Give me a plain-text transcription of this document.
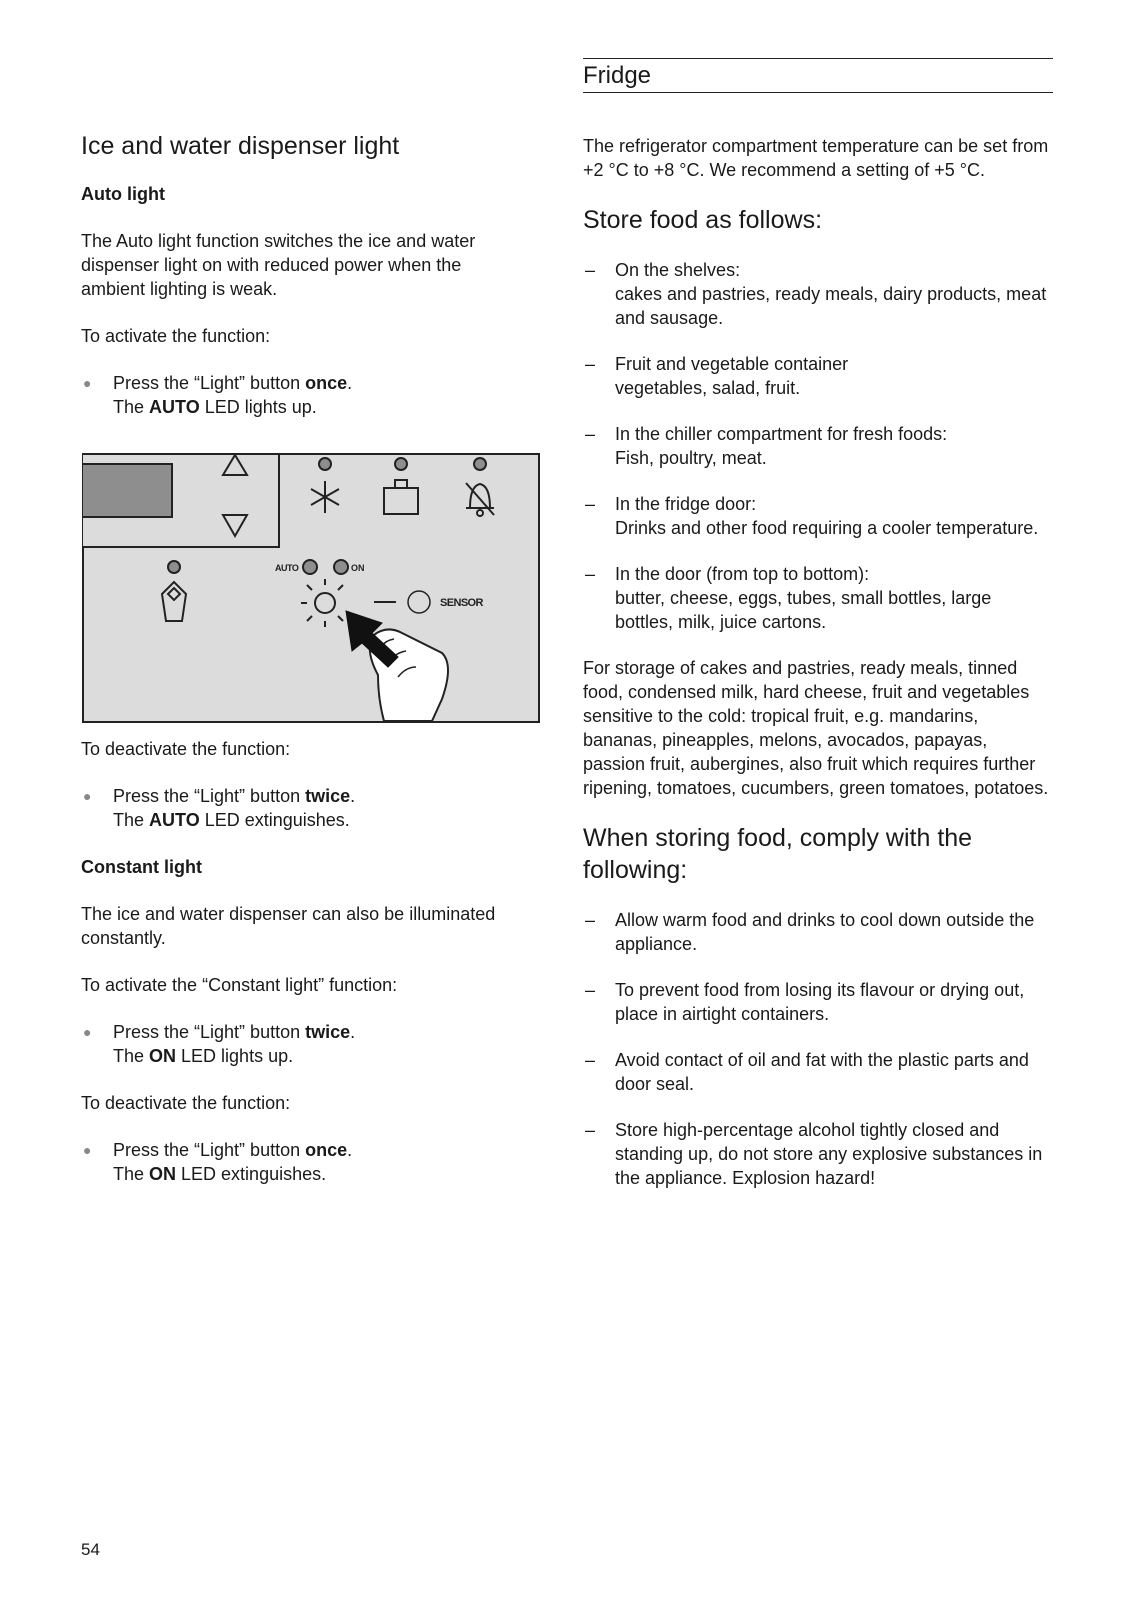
Ice and water dispenser light
Auto light

The Auto light function switches the ice and water dispenser light on with reduced power when the ambient lighting is weak.

To activate the function:

● Press the “Light” button once.
The AUTO LED lights up.
AUTO	ON
SENSOR

To deactivate the function:

● Press the “Light” button twice.
The AUTO LED extinguishes.
Constant light

The ice and water dispenser can also be illuminated constantly.

To activate the “Constant light” function:

● Press the “Light” button twice.
The ON LED lights up.

To deactivate the function:

● Press the “Light” button once.
The ON LED extinguishes.
Fridge

The refrigerator compartment temperature can be set from +2 °C to +8 °C. We recommend a setting of +5 °C.

Store food as follows:
– On the shelves:
cakes and pastries, ready meals, dairy products, meat and sausage.
– Fruit and vegetable container
vegetables, salad, fruit.
– In the chiller compartment for fresh foods:
Fish, poultry, meat.
– In the fridge door:
Drinks and other food requiring a cooler temperature.
– In the door (from top to bottom):
butter, cheese, eggs, tubes, small bottles, large bottles, milk, juice cartons.

For storage of cakes and pastries, ready meals, tinned food, condensed milk, hard cheese, fruit and vegetables sensitive to the cold: tropical fruit, e.g. mandarins, bananas, pineapples, melons, avocados, papayas, passion fruit, aubergines, also fruit which requires further ripening, tomatoes, cucumbers, green tomatoes, potatoes.

When storing food, comply with the following:
– Allow warm food and drinks to cool down outside the appliance.
– To prevent food from losing its flavour or drying out, place in airtight containers.
– Avoid contact of oil and fat with the plastic parts and door seal.
– Store high-percentage alcohol tightly closed and standing up, do not store any explosive substances in the appliance. Explosion hazard!
54
